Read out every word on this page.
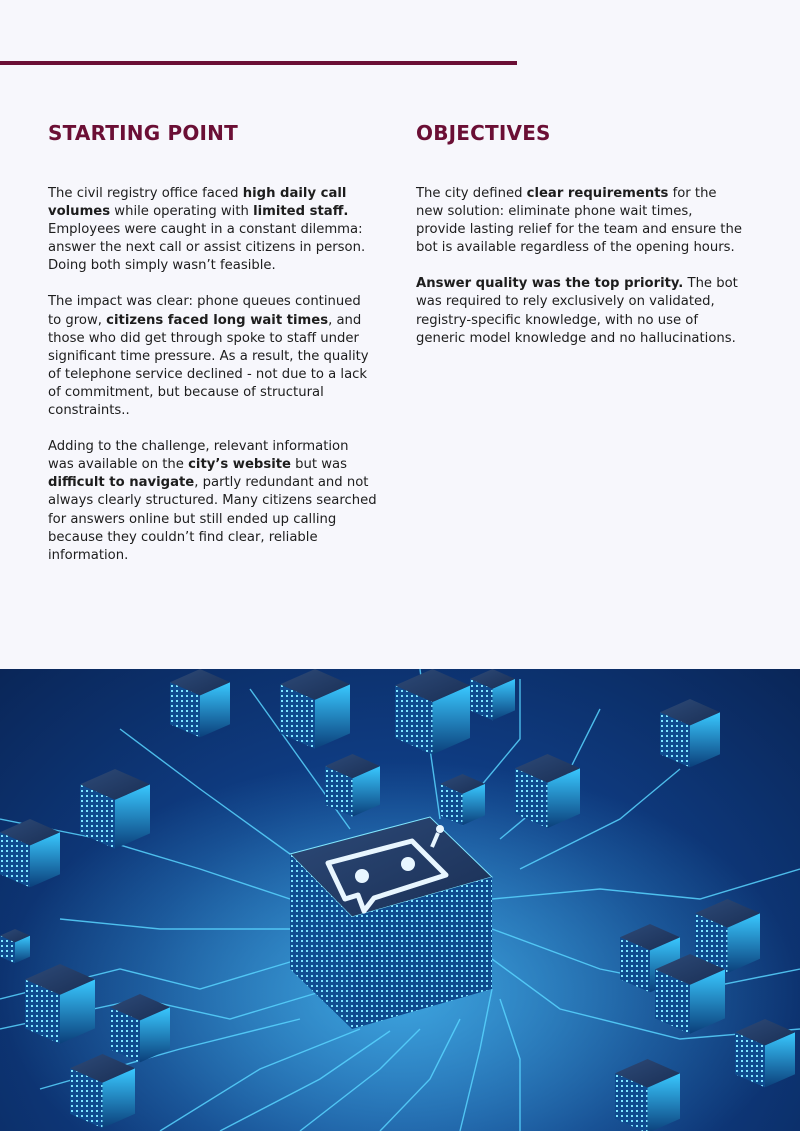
STARTING POINT

The civil registry office faced high daily call volumes while operating with limited staff. Employees were caught in a constant dilemma: answer the next call or assist citizens in person. Doing both simply wasn’t feasible.

The impact was clear: phone queues continued to grow, citizens faced long wait times, and those who did get through spoke to staff under significant time pressure. As a result, the quality of telephone service declined - not due to a lack of commitment, but because of structural constraints..

Adding to the challenge, relevant information was available on the city’s website but was difficult to navigate, partly redundant and not always clearly structured. Many citizens searched for answers online but still ended up calling because they couldn’t find clear, reliable information.

OBJECTIVES

The city defined clear requirements for the new solution: eliminate phone wait times, provide lasting relief for the team and ensure the bot is available regardless of the opening hours.

Answer quality was the top priority. The bot was required to rely exclusively on validated, registry-specific knowledge, with no use of generic model knowledge and no hallucinations.
